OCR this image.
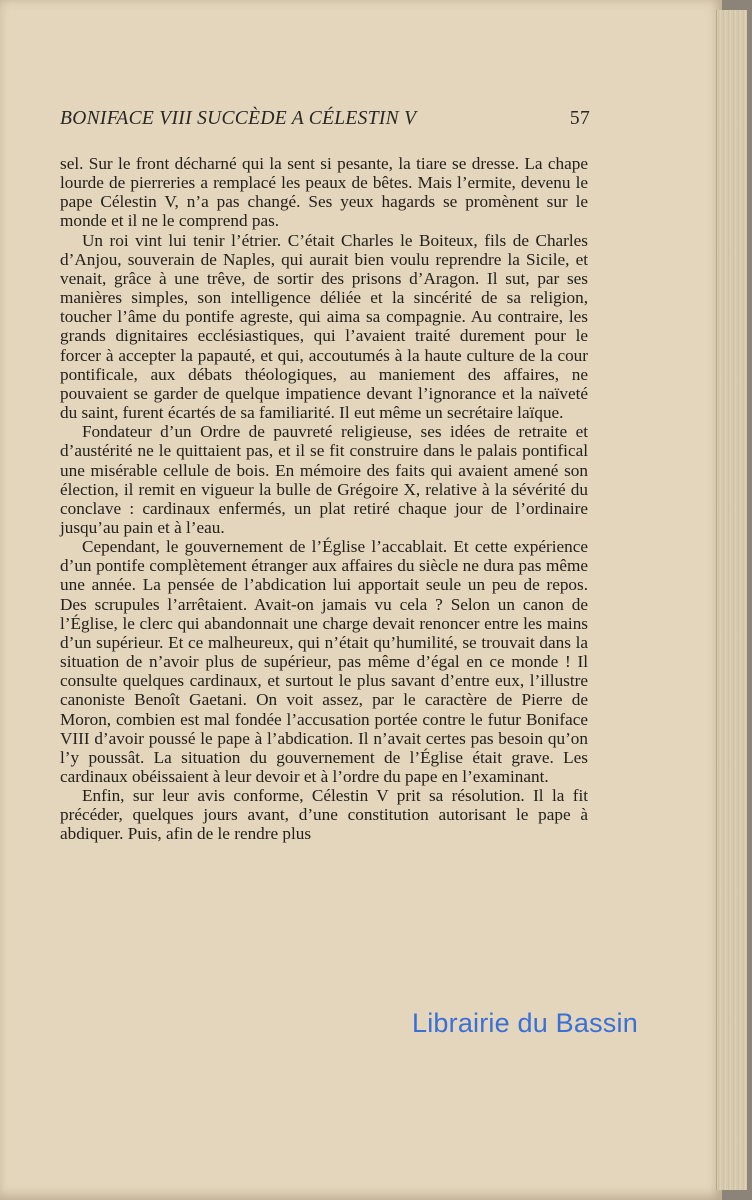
BONIFACE VIII SUCCÈDE A CÉLESTIN V	57

sel. Sur le front décharné qui la sent si pesante, la tiare se dresse. La chape lourde de pierreries a remplacé les peaux de bêtes. Mais l’ermite, devenu le pape Célestin V, n’a pas changé. Ses yeux hagards se promènent sur le monde et il ne le comprend pas.

Un roi vint lui tenir l’étrier. C’était Charles le Boiteux, fils de Charles d’Anjou, souverain de Naples, qui aurait bien voulu reprendre la Sicile, et venait, grâce à une trêve, de sortir des prisons d’Aragon. Il sut, par ses manières simples, son intelligence déliée et la sincérité de sa religion, toucher l’âme du pontife agreste, qui aima sa compagnie. Au contraire, les grands dignitaires ecclésiastiques, qui l’avaient traité durement pour le forcer à accepter la papauté, et qui, accoutumés à la haute culture de la cour pontificale, aux débats théologiques, au maniement des affaires, ne pouvaient se garder de quelque impatience devant l’ignorance et la naïveté du saint, furent écartés de sa familiarité. Il eut même un secrétaire laïque.

Fondateur d’un Ordre de pauvreté religieuse, ses idées de retraite et d’austérité ne le quittaient pas, et il se fit construire dans le palais pontifical une misérable cellule de bois. En mémoire des faits qui avaient amené son élection, il remit en vigueur la bulle de Grégoire X, relative à la sévérité du conclave : cardinaux enfermés, un plat retiré chaque jour de l’ordinaire jusqu’au pain et à l’eau.

Cependant, le gouvernement de l’Église l’accablait. Et cette expérience d’un pontife complètement étranger aux affaires du siècle ne dura pas même une année. La pensée de l’abdication lui apportait seule un peu de repos. Des scrupules l’arrêtaient. Avait-on jamais vu cela ? Selon un canon de l’Église, le clerc qui abandonnait une charge devait renoncer entre les mains d’un supérieur. Et ce malheureux, qui n’était qu’humilité, se trouvait dans la situation de n’avoir plus de supérieur, pas même d’égal en ce monde ! Il consulte quelques cardinaux, et surtout le plus savant d’entre eux, l’illustre canoniste Benoît Gaetani. On voit assez, par le caractère de Pierre de Moron, combien est mal fondée l’accusation portée contre le futur Boniface VIII d’avoir poussé le pape à l’abdication. Il n’avait certes pas besoin qu’on l’y poussât. La situation du gouvernement de l’Église était grave. Les cardinaux obéissaient à leur devoir et à l’ordre du pape en l’examinant.

Enfin, sur leur avis conforme, Célestin V prit sa résolution. Il la fit précéder, quelques jours avant, d’une constitution autorisant le pape à abdiquer. Puis, afin de le rendre plus

Librairie du Bassin
